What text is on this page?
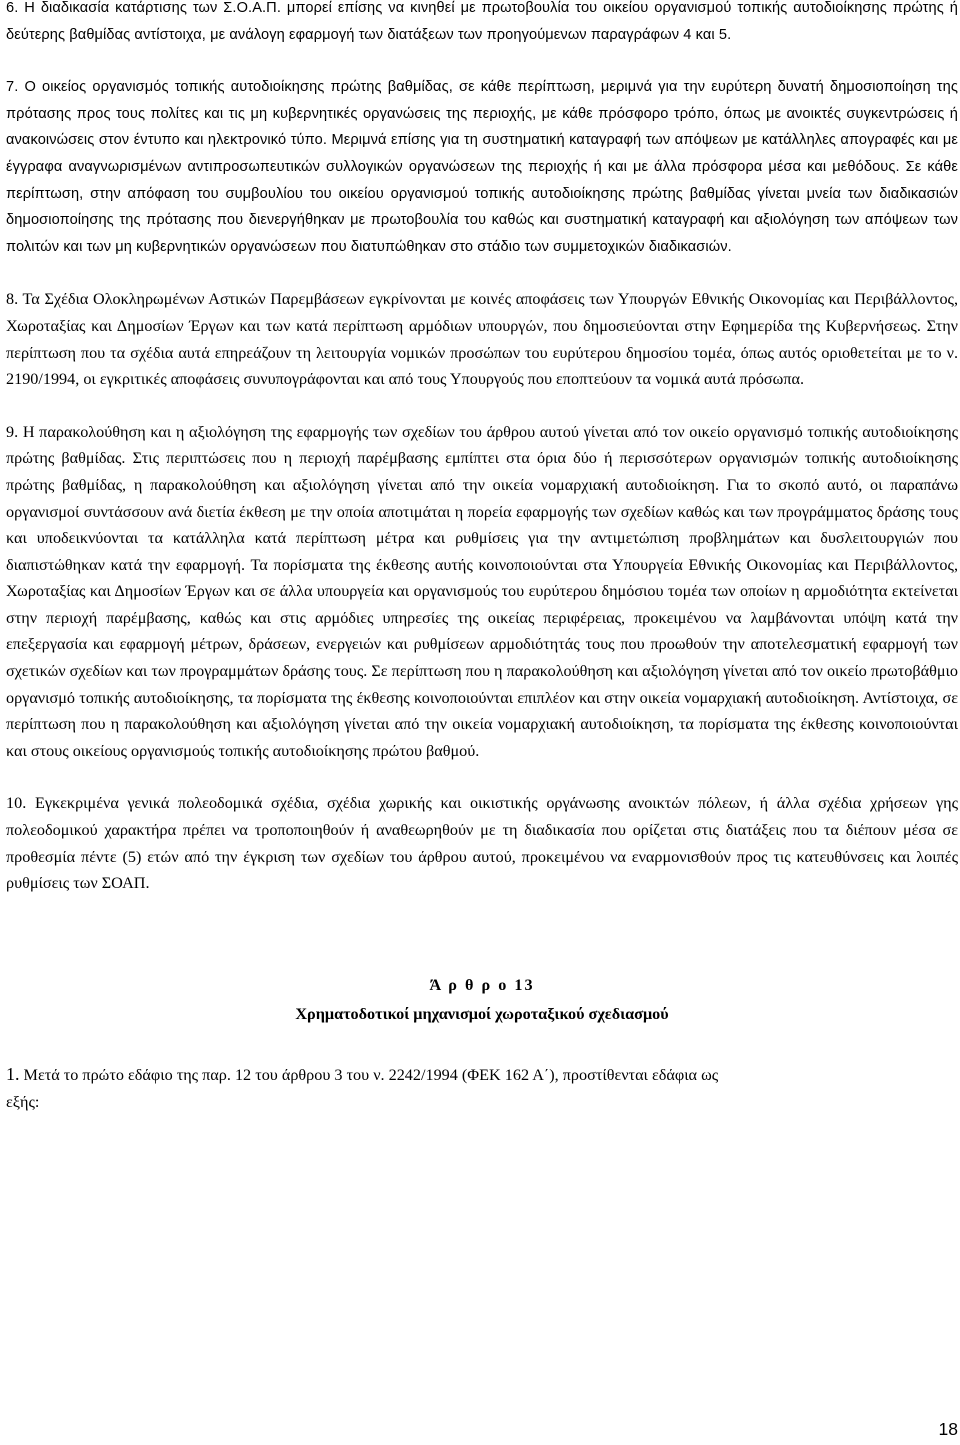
6. Η διαδικασία κατάρτισης των Σ.Ο.Α.Π. μπορεί επίσης να κινηθεί με πρωτοβουλία του οικείου οργανισμού τοπικής αυτοδιοίκησης πρώτης ή δεύτερης βαθμίδας αντίστοιχα, με ανάλογη εφαρμογή των διατάξεων των προηγούμενων παραγράφων 4 και 5.

7. Ο οικείος οργανισμός τοπικής αυτοδιοίκησης πρώτης βαθμίδας, σε κάθε περίπτωση, μεριμνά για την ευρύτερη δυνατή δημοσιοποίηση της πρότασης προς τους πολίτες και τις μη κυβερνητικές οργανώσεις της περιοχής, με κάθε πρόσφορο τρόπο, όπως με ανοικτές συγκεντρώσεις ή ανακοινώσεις στον έντυπο και ηλεκτρονικό τύπο. Μεριμνά επίσης για τη συστηματική καταγραφή των απόψεων με κατάλληλες απογραφές και με έγγραφα αναγνωρισμένων αντιπροσωπευτικών συλλογικών οργανώσεων της περιοχής ή και με άλλα πρόσφορα μέσα και μεθόδους. Σε κάθε περίπτωση, στην απόφαση του συμβουλίου του οικείου οργανισμού τοπικής αυτοδιοίκησης πρώτης βαθμίδας γίνεται μνεία των διαδικασιών δημοσιοποίησης της πρότασης που διενεργήθηκαν με πρωτοβουλία του καθώς και συστηματική καταγραφή και αξιολόγηση των απόψεων των πολιτών και των μη κυβερνητικών οργανώσεων που διατυπώθηκαν στο στάδιο των συμμετοχικών διαδικασιών.

8. Τα Σχέδια Ολοκληρωμένων Αστικών Παρεμβάσεων εγκρίνονται με κοινές αποφάσεις των Υπουργών Εθνικής Οικονομίας και Περιβάλλοντος, Χωροταξίας και Δημοσίων Έργων και των κατά περίπτωση αρμόδιων υπουργών, που δημοσιεύονται στην Εφημερίδα της Κυβερνήσεως. Στην περίπτωση που τα σχέδια αυτά επηρεάζουν τη λειτουργία νομικών προσώπων του ευρύτερου δημοσίου τομέα, όπως αυτός οριοθετείται με το ν. 2190/1994, οι εγκριτικές αποφάσεις συνυπογράφονται και από τους Υπουργούς που εποπτεύουν τα νομικά αυτά πρόσωπα.

9. Η παρακολούθηση και η αξιολόγηση της εφαρμογής των σχεδίων του άρθρου αυτού γίνεται από τον οικείο οργανισμό τοπικής αυτοδιοίκησης πρώτης βαθμίδας. Στις περιπτώσεις που η περιοχή παρέμβασης εμπίπτει στα όρια δύο ή περισσότερων οργανισμών τοπικής αυτοδιοίκησης πρώτης βαθμίδας, η παρακολούθηση και αξιολόγηση γίνεται από την οικεία νομαρχιακή αυτοδιοίκηση. Για το σκοπό αυτό, οι παραπάνω οργανισμοί συντάσσουν ανά διετία έκθεση με την οποία αποτιμάται η πορεία εφαρμογής των σχεδίων καθώς και των προγράμματος δράσης τους και υποδεικνύονται τα κατάλληλα κατά περίπτωση μέτρα και ρυθμίσεις για την αντιμετώπιση προβλημάτων και δυσλειτουργιών που διαπιστώθηκαν κατά την εφαρμογή. Τα πορίσματα της έκθεσης αυτής κοινοποιούνται στα Υπουργεία Εθνικής Οικονομίας και Περιβάλλοντος, Χωροταξίας και Δημοσίων Έργων και σε άλλα υπουργεία και οργανισμούς του ευρύτερου δημόσιου τομέα των οποίων η αρμοδιότητα εκτείνεται στην περιοχή παρέμβασης, καθώς και στις αρμόδιες υπηρεσίες της οικείας περιφέρειας, προκειμένου να λαμβάνονται υπόψη κατά την επεξεργασία και εφαρμογή μέτρων, δράσεων, ενεργειών και ρυθμίσεων αρμοδιότητάς τους που προωθούν την αποτελεσματική εφαρμογή των σχετικών σχεδίων και των προγραμμάτων δράσης τους. Σε περίπτωση που η παρακολούθηση και αξιολόγηση γίνεται από τον οικείο πρωτοβάθμιο οργανισμό τοπικής αυτοδιοίκησης, τα πορίσματα της έκθεσης κοινοποιούνται επιπλέον και στην οικεία νομαρχιακή αυτοδιοίκηση. Αντίστοιχα, σε περίπτωση που η παρακολούθηση και αξιολόγηση γίνεται από την οικεία νομαρχιακή αυτοδιοίκηση, τα πορίσματα της έκθεσης κοινοποιούνται και στους οικείους οργανισμούς τοπικής αυτοδιοίκησης πρώτου βαθμού.

10. Εγκεκριμένα γενικά πολεοδομικά σχέδια, σχέδια χωρικής και οικιστικής οργάνωσης ανοικτών πόλεων, ή άλλα σχέδια χρήσεων γης πολεοδομικού χαρακτήρα πρέπει να τροποποιηθούν ή αναθεωρηθούν με τη διαδικασία που ορίζεται στις διατάξεις που τα διέπουν μέσα σε προθεσμία πέντε (5) ετών από την έγκριση των σχεδίων του άρθρου αυτού, προκειμένου να εναρμονισθούν προς τις κατευθύνσεις και λοιπές ρυθμίσεις των ΣΟΑΠ.

Ά ρ θ ρ ο 13
Χρηματοδοτικοί μηχανισμοί χωροταξικού σχεδιασμού

1. Μετά το πρώτο εδάφιο της παρ. 12 του άρθρου 3 του ν. 2242/1994 (ΦΕΚ 162 Α΄), προστίθενται εδάφια ως

εξής:

18
